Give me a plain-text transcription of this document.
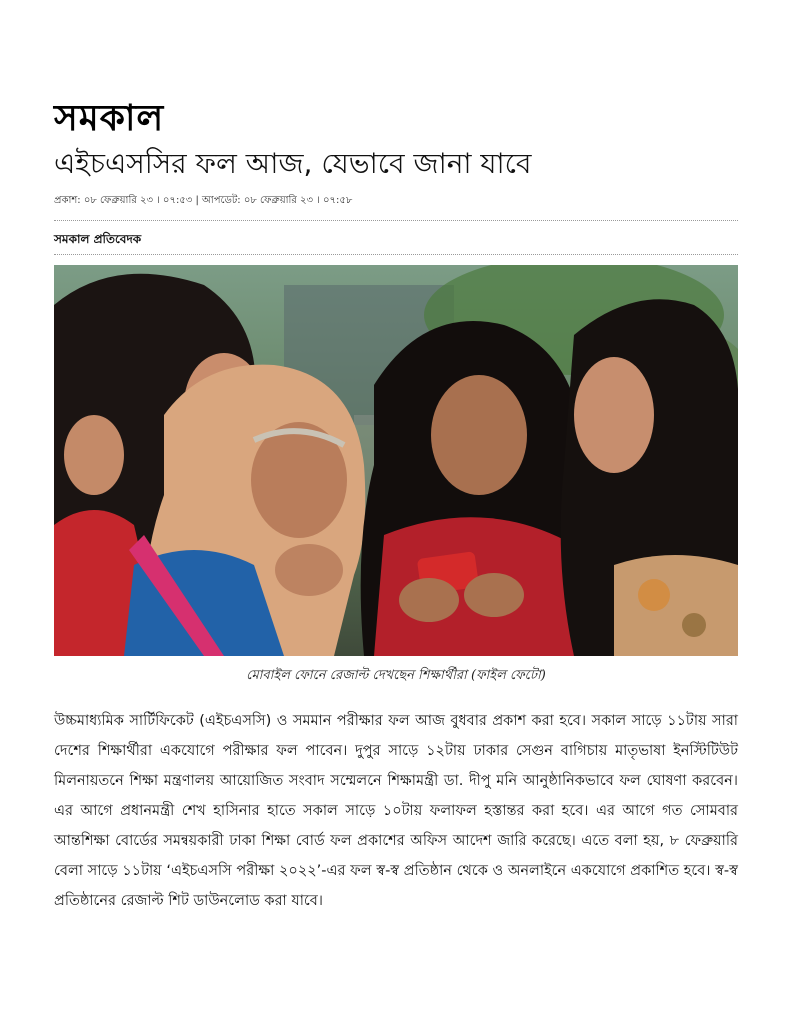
সমকাল
এইচএসসির ফল আজ, যেভাবে জানা যাবে
প্রকাশ: ০৮ ফেব্রুয়ারি ২৩ । ০৭:৫৩ | আপডেট: ০৮ ফেব্রুয়ারি ২৩ । ০৭:৫৮
সমকাল প্রতিবেদক
মোবাইল ফোনে রেজাল্ট দেখছেন শিক্ষার্থীরা (ফাইল ফেটো)

উচ্চমাধ্যমিক সার্টিফিকেট (এইচএসসি) ও সমমান পরীক্ষার ফল আজ বুধবার প্রকাশ করা হবে। সকাল সাড়ে ১১টায় সারা দেশের শিক্ষার্থীরা একযোগে পরীক্ষার ফল পাবেন। দুপুর সাড়ে ১২টায় ঢাকার সেগুন বাগিচায় মাতৃভাষা ইনস্টিটিউট মিলনায়তনে শিক্ষা মন্ত্রণালয় আয়োজিত সংবাদ সম্মেলনে শিক্ষামন্ত্রী ডা. দীপু মনি আনুষ্ঠানিকভাবে ফল ঘোষণা করবেন। এর আগে প্রধানমন্ত্রী শেখ হাসিনার হাতে সকাল সাড়ে ১০টায় ফলাফল হস্তান্তর করা হবে। এর আগে গত সোমবার আন্তশিক্ষা বোর্ডের সমন্বয়কারী ঢাকা শিক্ষা বোর্ড ফল প্রকাশের অফিস আদেশ জারি করেছে। এতে বলা হয়, ৮ ফেব্রুয়ারি বেলা সাড়ে ১১টায় ‘এইচএসসি পরীক্ষা ২০২২’-এর ফল স্ব-স্ব প্রতিষ্ঠান থেকে ও অনলাইনে একযোগে প্রকাশিত হবে। স্ব-স্ব প্রতিষ্ঠানের রেজাল্ট শিট ডাউনলোড করা যাবে।
